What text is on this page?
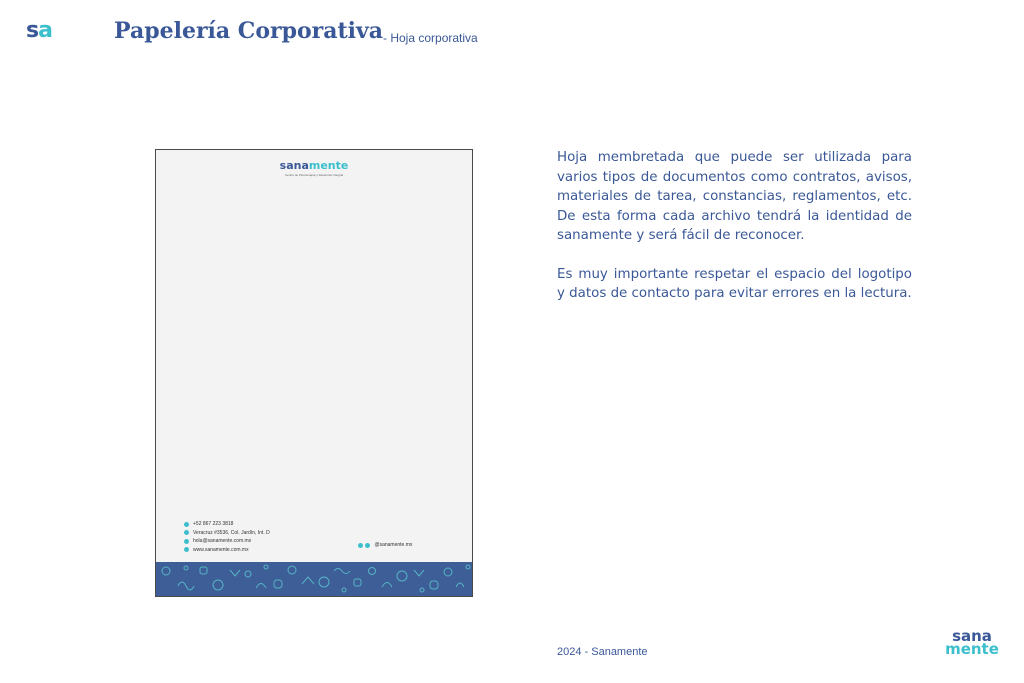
sa	Papelería Corporativa - Hoja corporativa
sanamente
Centro de Psicoterapia y Desarrollo Integral
+52 867 223 3818
Veracruz #3536, Col. Jardín, Int. D
hola@sanamente.com.mx
www.sanamente.com.mx
@sanamente.mx

Hoja membretada que puede ser utilizada para varios tipos de documentos como contratos, avisos, materiales de tarea, constancias, reglamentos, etc. De esta forma cada archivo tendrá la identidad de sanamente y será fácil de reconocer.

Es muy importante respetar el espacio del logotipo y datos de contacto para evitar errores en la lectura.

2024 - Sanamente
sana
mente
